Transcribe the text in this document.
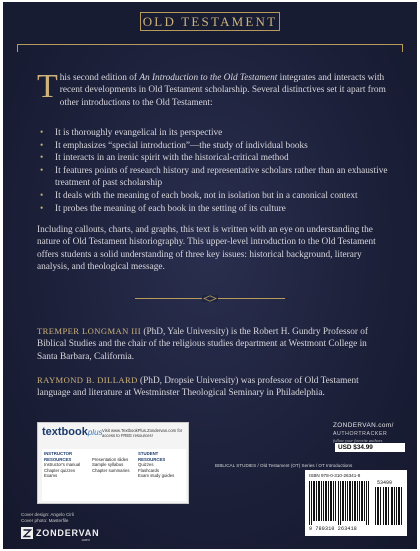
OLD TESTAMENT
This second edition of An Introduction to the Old Testament integrates and interacts with recent developments in Old Testament scholarship. Several distinctives set it apart from other introductions to the Old Testament:
• It is thoroughly evangelical in its perspective
• It emphasizes “special introduction”—the study of individual books
• It interacts in an irenic spirit with the historical-critical method
• It features points of research history and representative scholars rather than an exhaustive treatment of past scholarship
• It deals with the meaning of each book, not in isolation but in a canonical context
• It probes the meaning of each book in the setting of its culture
Including callouts, charts, and graphs, this text is written with an eye on understanding the nature of Old Testament historiography. This upper-level introduction to the Old Testament offers students a solid understanding of three key issues: historical background, literary analysis, and theological message.
TREMPER LONGMAN III (PhD, Yale University) is the Robert H. Gundry Professor of Biblical Studies and the chair of the religious studies department at Westmont College in Santa Barbara, California.
RAYMOND B. DILLARD (PhD, Dropsie University) was professor of Old Testament language and literature at Westminster Theological Seminary in Philadelphia.
textbookplus Visit www.TextbookPlus.Zondervan.com for access to FREE resources!
INSTRUCTOR RESOURCES
Instructor's manual
Chapter quizzes
Exams

Presentation slides
Sample syllabus
Chapter summaries
STUDENT RESOURCES
Quizzes
Flashcards
Exam study guides
ZONDERVAN.com/
AUTHORTRACKER
follow your favorite authors
USD $34.99
BIBLICAL STUDIES / Old Testament (OT) Series / OT Introductions
ISBN 978-0-310-26341-8
53499
9 780310 263418
Cover design: Angelo Cirli
Cover photo: Masterfile
ZONDERVAN
.com
